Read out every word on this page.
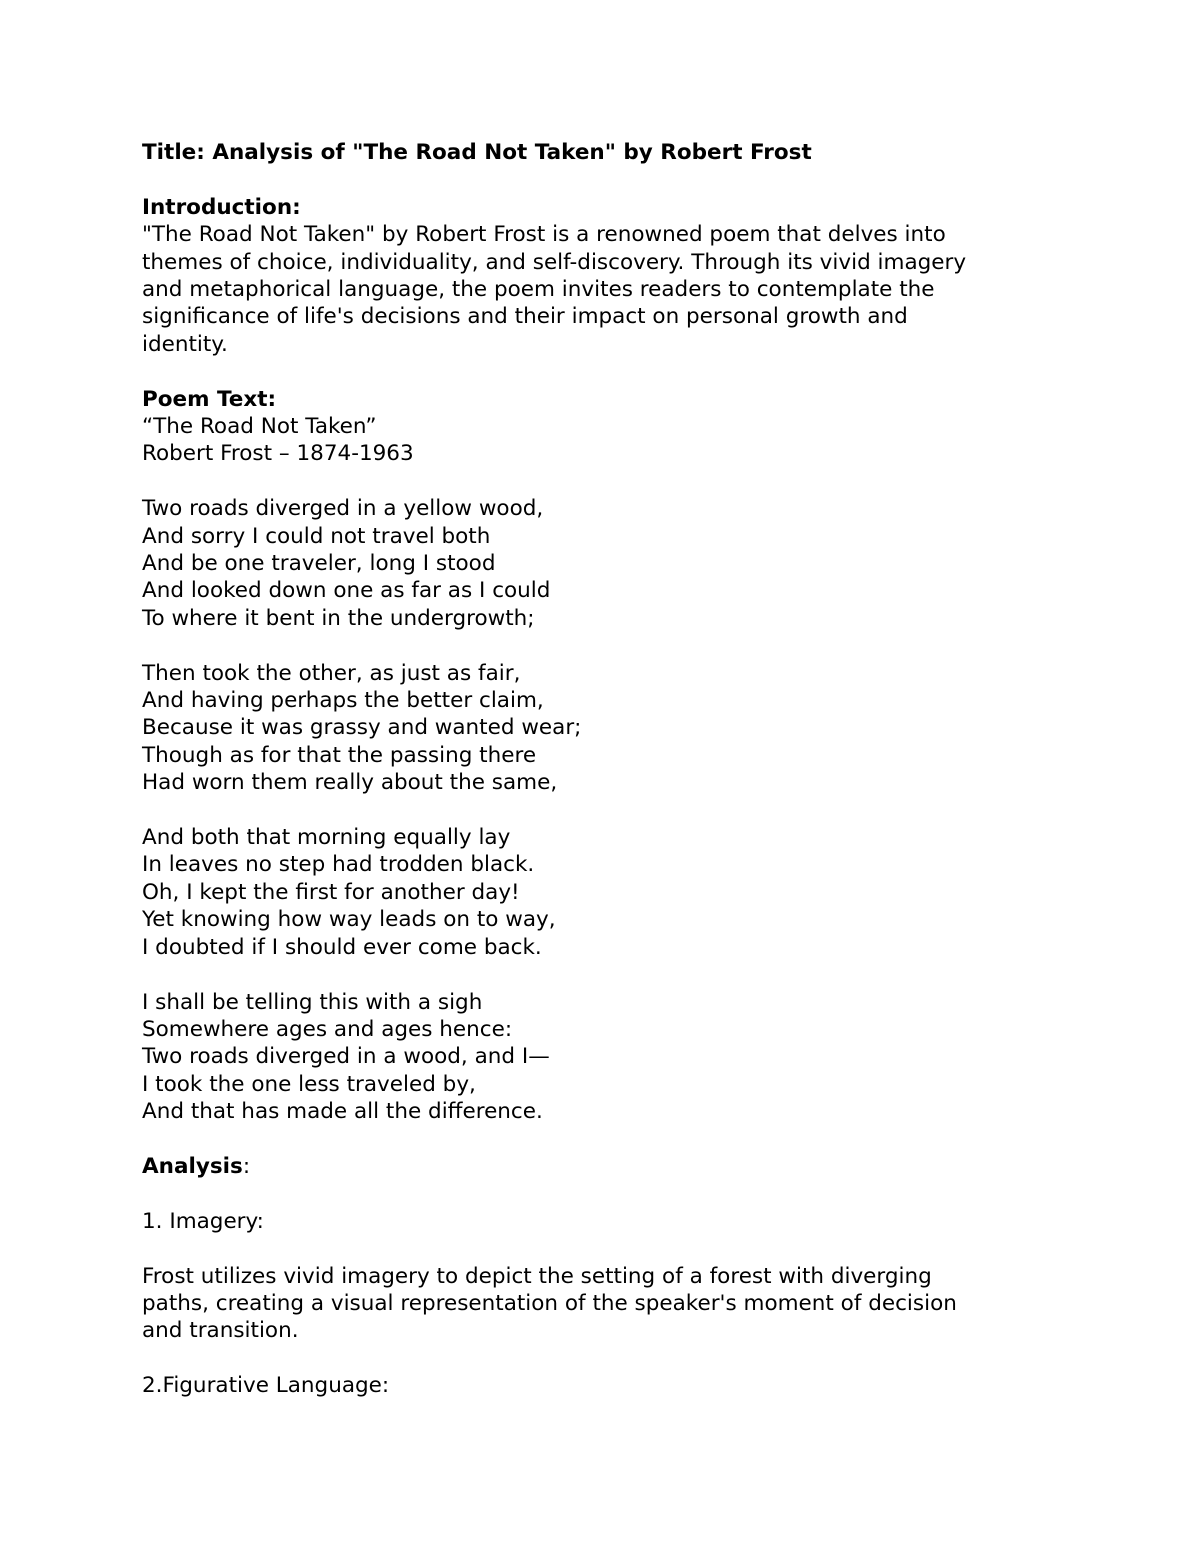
Title: Analysis of "The Road Not Taken" by Robert Frost
Introduction:
"The Road Not Taken" by Robert Frost is a renowned poem that delves into
themes of choice, individuality, and self-discovery. Through its vivid imagery
and metaphorical language, the poem invites readers to contemplate the
significance of life's decisions and their impact on personal growth and
identity.
Poem Text:
“The Road Not Taken”
Robert Frost – 1874-1963
Two roads diverged in a yellow wood,
And sorry I could not travel both
And be one traveler, long I stood
And looked down one as far as I could
To where it bent in the undergrowth;
Then took the other, as just as fair,
And having perhaps the better claim,
Because it was grassy and wanted wear;
Though as for that the passing there
Had worn them really about the same,
And both that morning equally lay
In leaves no step had trodden black.
Oh, I kept the first for another day!
Yet knowing how way leads on to way,
I doubted if I should ever come back.
I shall be telling this with a sigh
Somewhere ages and ages hence:
Two roads diverged in a wood, and I—
I took the one less traveled by,
And that has made all the difference.
Analysis:
1. Imagery:
Frost utilizes vivid imagery to depict the setting of a forest with diverging
paths, creating a visual representation of the speaker's moment of decision
and transition.
2.Figurative Language:
